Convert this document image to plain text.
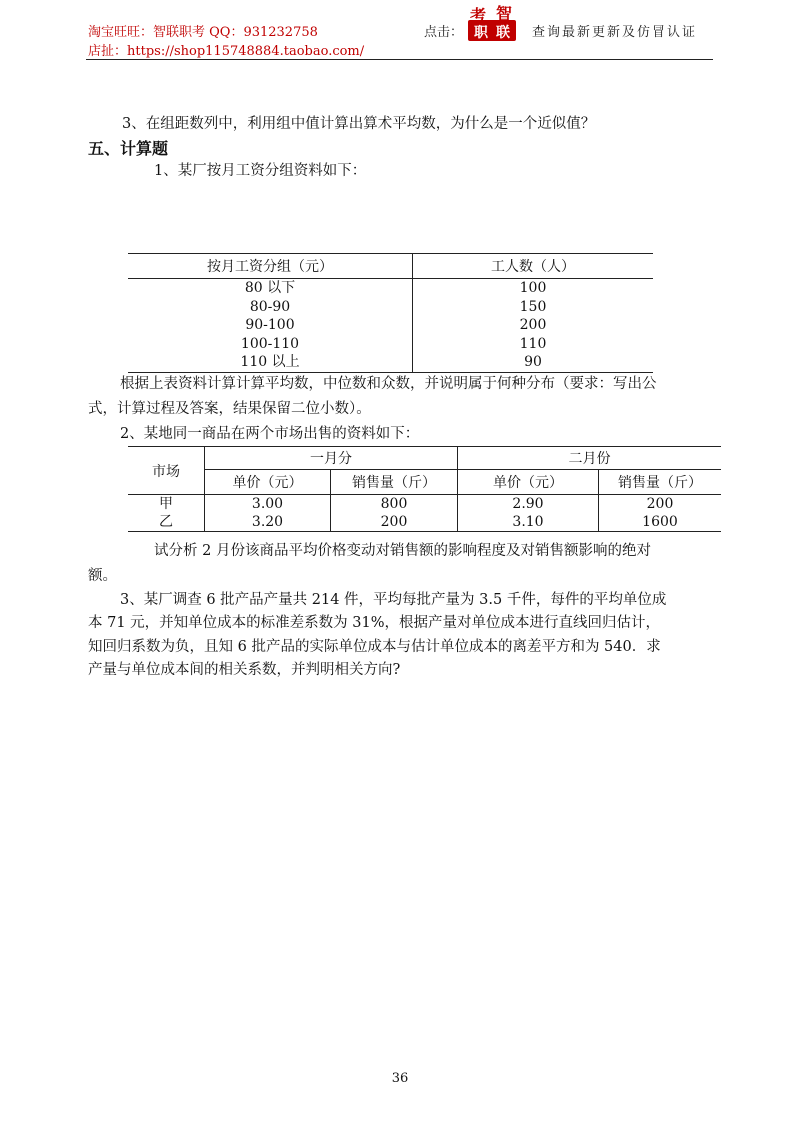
淘宝旺旺：智联职考 QQ：931232758
店扯：https://shop115748884.taobao.com/
点击：
考 智
职 联 查询最新更新及仿冒认证
3、在组距数列中，利用组中值计算出算术平均数，为什么是一个近似值？
五、计算题
1、某厂按月工资分组资料如下：
按月工资分组（元）	工人数（人）
80 以下	100
80-90	150
90-100	200
100-110	110
110 以上	90
根据上表资料计算计算平均数，中位数和众数，并说明属于何种分布（要求：写出公
式，计算过程及答案，结果保留二位小数）。
2、某地同一商品在两个市场出售的资料如下：
市场	一月分		二月份	
	单价（元）	销售量（斤）	单价（元）	销售量（斤）
甲	3.00	800	2.90	200
乙	3.20	200	3.10	1600
试分析 2 月份该商品平均价格变动对销售额的影响程度及对销售额影响的绝对
额。
3、某厂调查 6 批产品产量共 214 件，平均每批产量为 3.5 千件，每件的平均单位成
本 71 元，并知单位成本的标准差系数为 31%，根据产量对单位成本进行直线回归估计，
知回归系数为负，且知 6 批产品的实际单位成本与估计单位成本的离差平方和为 540．求
产量与单位成本间的相关系数，并判明相关方向?
36
